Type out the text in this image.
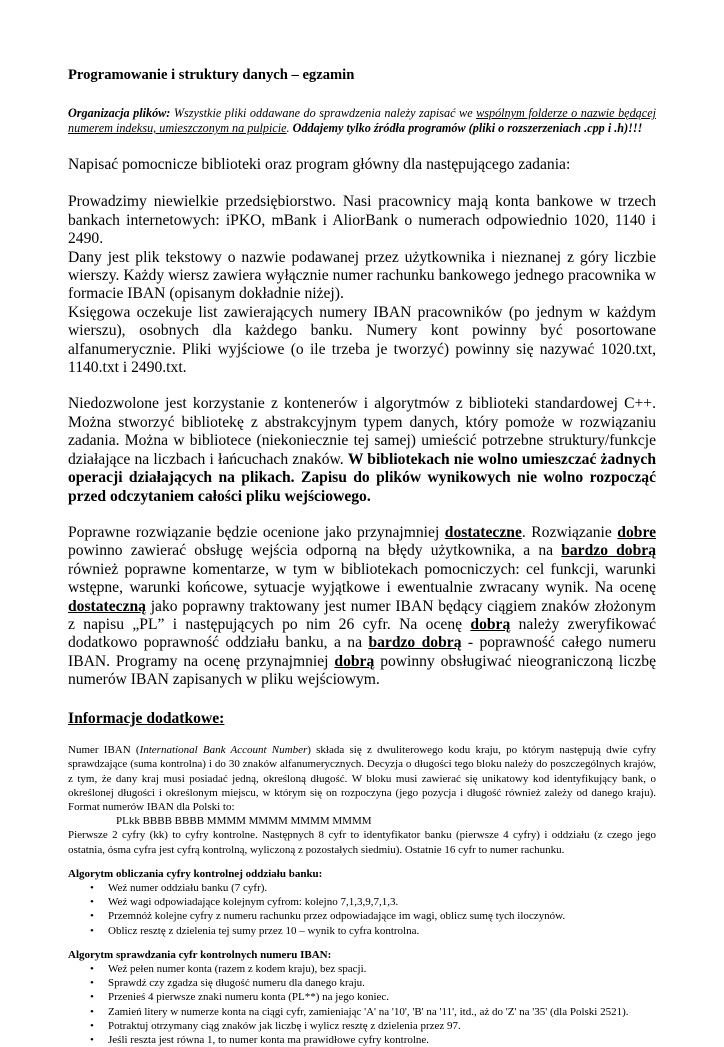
Programowanie i struktury danych – egzamin

Organizacja plików: Wszystkie pliki oddawane do sprawdzenia należy zapisać we wspólnym folderze o nazwie będącej numerem indeksu, umieszczonym na pulpicie. Oddajemy tylko źródła programów (pliki o rozszerzeniach .cpp i .h)!!!

Napisać pomocnicze biblioteki oraz program główny dla następującego zadania:

Prowadzimy niewielkie przedsiębiorstwo. Nasi pracownicy mają konta bankowe w trzech bankach internetowych: iPKO, mBank i AliorBank o numerach odpowiednio 1020, 1140 i 2490.
Dany jest plik tekstowy o nazwie podawanej przez użytkownika i nieznanej z góry liczbie wierszy. Każdy wiersz zawiera wyłącznie numer rachunku bankowego jednego pracownika w formacie IBAN (opisanym dokładnie niżej).
Księgowa oczekuje list zawierających numery IBAN pracowników (po jednym w każdym wierszu), osobnych dla każdego banku. Numery kont powinny być posortowane alfanumerycznie. Pliki wyjściowe (o ile trzeba je tworzyć) powinny się nazywać 1020.txt, 1140.txt i 2490.txt.

Niedozwolone jest korzystanie z kontenerów i algorytmów z biblioteki standardowej C++. Można stworzyć bibliotekę z abstrakcyjnym typem danych, który pomoże w rozwiązaniu zadania. Można w bibliotece (niekoniecznie tej samej) umieścić potrzebne struktury/funkcje działające na liczbach i łańcuchach znaków. W bibliotekach nie wolno umieszczać żadnych operacji działających na plikach. Zapisu do plików wynikowych nie wolno rozpocząć przed odczytaniem całości pliku wejściowego.

Poprawne rozwiązanie będzie ocenione jako przynajmniej dostateczne. Rozwiązanie dobre powinno zawierać obsługę wejścia odporną na błędy użytkownika, a na bardzo dobrą również poprawne komentarze, w tym w bibliotekach pomocniczych: cel funkcji, warunki wstępne, warunki końcowe, sytuacje wyjątkowe i ewentualnie zwracany wynik. Na ocenę dostateczną jako poprawny traktowany jest numer IBAN będący ciągiem znaków złożonym z napisu „PL” i następujących po nim 26 cyfr. Na ocenę dobrą należy zweryfikować dodatkowo poprawność oddziału banku, a na bardzo dobrą - poprawność całego numeru IBAN. Programy na ocenę przynajmniej dobrą powinny obsługiwać nieograniczoną liczbę numerów IBAN zapisanych w pliku wejściowym.

Informacje dodatkowe:

Numer IBAN (International Bank Account Number) składa się z dwuliterowego kodu kraju, po którym następują dwie cyfry sprawdzające (suma kontrolna) i do 30 znaków alfanumerycznych. Decyzja o długości tego bloku należy do poszczególnych krajów, z tym, że dany kraj musi posiadać jedną, określoną długość. W bloku musi zawierać się unikatowy kod identyfikujący bank, o określonej długości i określonym miejscu, w którym się on rozpoczyna (jego pozycja i długość również zależy od danego kraju). Format numerów IBAN dla Polski to:

PLkk BBBB BBBB MMMM MMMM MMMM MMMM

Pierwsze 2 cyfry (kk) to cyfry kontrolne. Następnych 8 cyfr to identyfikator banku (pierwsze 4 cyfry) i oddziału (z czego jego ostatnia, ósma cyfra jest cyfrą kontrolną, wyliczoną z pozostałych siedmiu). Ostatnie 16 cyfr to numer rachunku.

Algorytm obliczania cyfry kontrolnej oddziału banku:

• Weź numer oddziału banku (7 cyfr).
• Weź wagi odpowiadające kolejnym cyfrom: kolejno 7,1,3,9,7,1,3.
• Przemnóż kolejne cyfry z numeru rachunku przez odpowiadające im wagi, oblicz sumę tych iloczynów.
• Oblicz resztę z dzielenia tej sumy przez 10 – wynik to cyfra kontrolna.

Algorytm sprawdzania cyfr kontrolnych numeru IBAN:

• Weź pełen numer konta (razem z kodem kraju), bez spacji.
• Sprawdź czy zgadza się długość numeru dla danego kraju.
• Przenieś 4 pierwsze znaki numeru konta (PL**) na jego koniec.
• Zamień litery w numerze konta na ciągi cyfr, zamieniając 'A' na '10', 'B' na '11', itd., aż do 'Z' na '35' (dla Polski 2521).
• Potraktuj otrzymany ciąg znaków jak liczbę i wylicz resztę z dzielenia przez 97.
• Jeśli reszta jest równa 1, to numer konta ma prawidłowe cyfry kontrolne.
